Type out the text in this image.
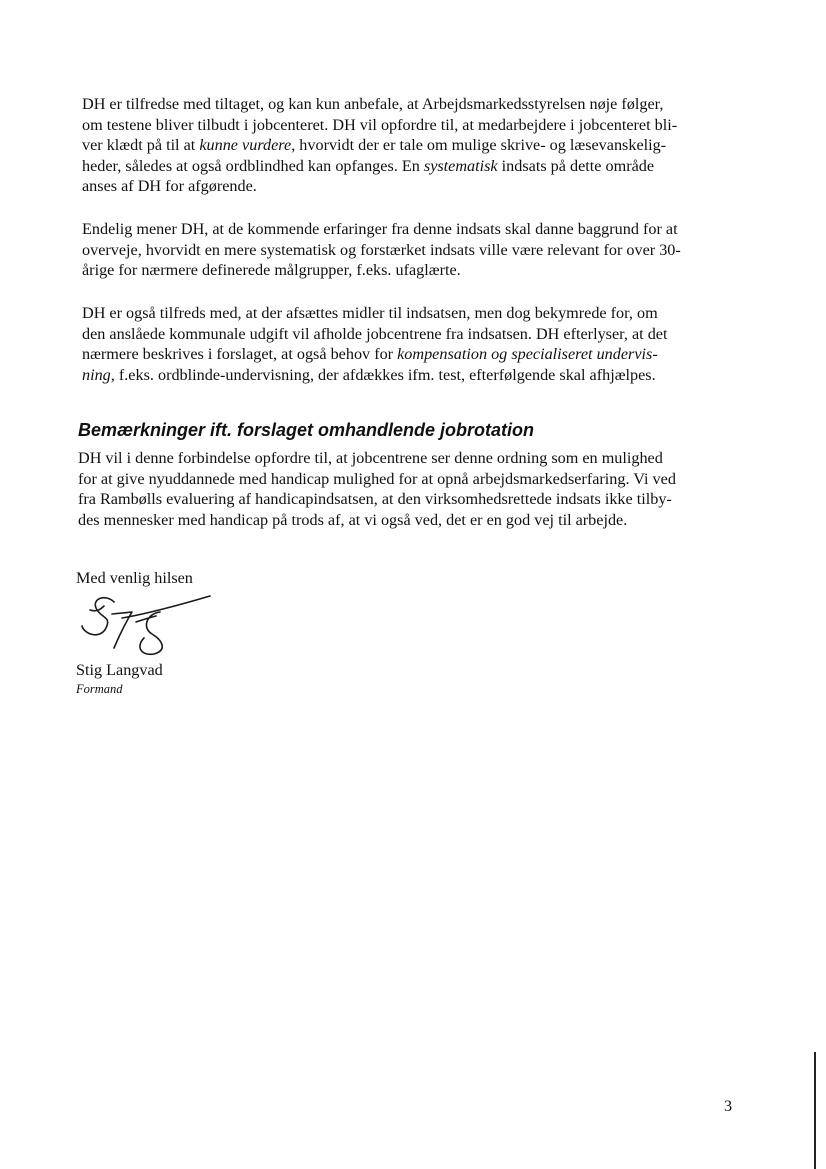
DH er tilfredse med tiltaget, og kan kun anbefale, at Arbejdsmarkedsstyrelsen nøje følger,
om testene bliver tilbudt i jobcenteret. DH vil opfordre til, at medarbejdere i jobcenteret bli-
ver klædt på til at kunne vurdere, hvorvidt der er tale om mulige skrive- og læsevanskelig-
heder, således at også ordblindhed kan opfanges. En systematisk indsats på dette område
anses af DH for afgørende.
Endelig mener DH, at de kommende erfaringer fra denne indsats skal danne baggrund for at
overveje, hvorvidt en mere systematisk og forstærket indsats ville være relevant for over 30-
årige for nærmere definerede målgrupper, f.eks. ufaglærte.
DH er også tilfreds med, at der afsættes midler til indsatsen, men dog bekymrede for, om
den anslåede kommunale udgift vil afholde jobcentrene fra indsatsen. DH efterlyser, at det
nærmere beskrives i forslaget, at også behov for kompensation og specialiseret undervis-
ning, f.eks. ordblinde-undervisning, der afdækkes ifm. test, efterfølgende skal afhjælpes.
Bemærkninger ift. forslaget omhandlende jobrotation
DH vil i denne forbindelse opfordre til, at jobcentrene ser denne ordning som en mulighed
for at give nyuddannede med handicap mulighed for at opnå arbejdsmarkedserfaring. Vi ved
fra Rambølls evaluering af handicapindsatsen, at den virksomhedsrettede indsats ikke tilby-
des mennesker med handicap på trods af, at vi også ved, det er en god vej til arbejde.

Med venlig hilsen

Stig Langvad

Formand

3
